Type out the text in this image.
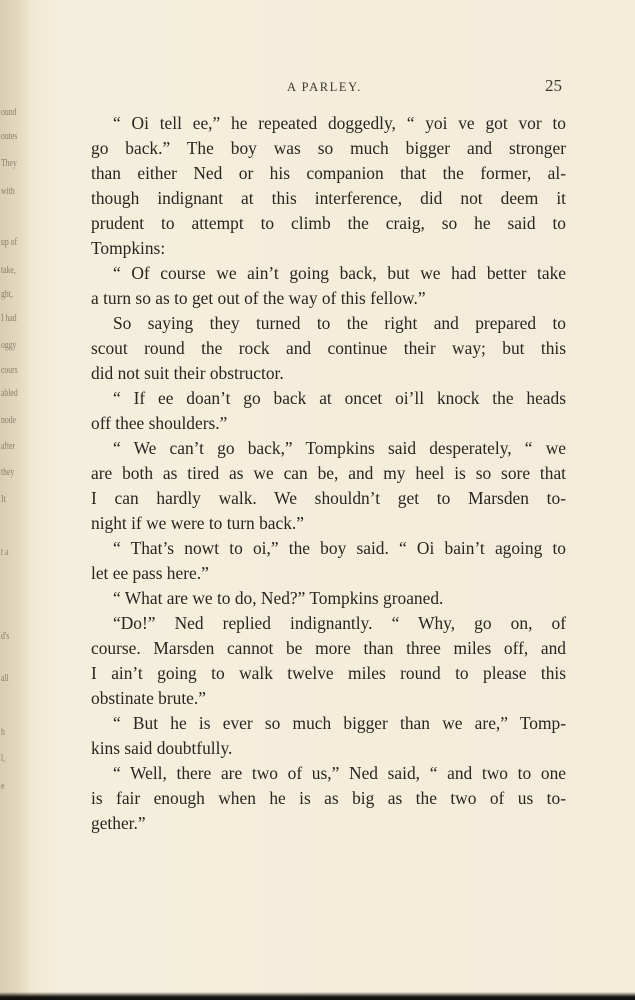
ound
outes
They
with
up of
take,
ght,
I had
oggy
cours
abled
node
after
they
It
t a
d's
all
h
l,
e
A PARLEY.	25
“ Oi tell ee,” he repeated doggedly, “ yoi ve got vor to
go back.” The boy was so much bigger and stronger
than either Ned or his companion that the former, al-
though indignant at this interference, did not deem it
prudent to attempt to climb the craig, so he said to
Tompkins:
“ Of course we ain’t going back, but we had better take
a turn so as to get out of the way of this fellow.”
So saying they turned to the right and prepared to
scout round the rock and continue their way; but this
did not suit their obstructor.
“ If ee doan’t go back at oncet oi’ll knock the heads
off thee shoulders.”
“ We can’t go back,” Tompkins said desperately, “ we
are both as tired as we can be, and my heel is so sore that
I can hardly walk. We shouldn’t get to Marsden to-
night if we were to turn back.”
“ That’s nowt to oi,” the boy said. “ Oi bain’t agoing to
let ee pass here.”
“ What are we to do, Ned?” Tompkins groaned.
“Do!” Ned replied indignantly. “ Why, go on, of
course. Marsden cannot be more than three miles off, and
I ain’t going to walk twelve miles round to please this
obstinate brute.”
“ But he is ever so much bigger than we are,” Tomp-
kins said doubtfully.
“ Well, there are two of us,” Ned said, “ and two to one
is fair enough when he is as big as the two of us to-
gether.”
